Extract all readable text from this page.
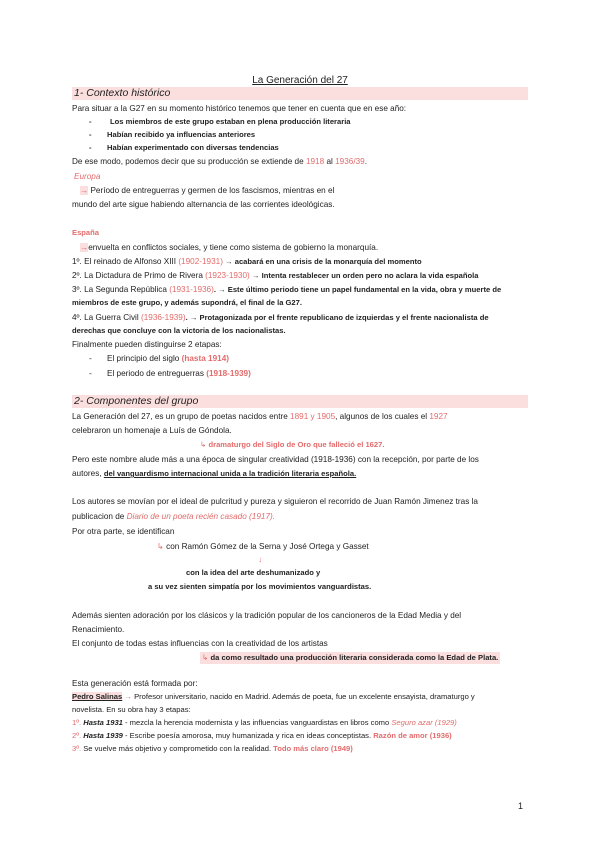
La Generación del 27
1- Contexto histórico
Para situar a la G27 en su momento histórico tenemos que tener en cuenta que en ese año:
- Los miembros de este grupo estaban en plena producción literaria
- Habían recibido ya influencias anteriores
- Habían experimentado con diversas tendencias
De ese modo, podemos decir que su producción se extiende de 1918 al 1936/39.
Europa
→ Período de entreguerras y germen de los fascismos, mientras en el
mundo del arte sigue habiendo alternancia de las corrientes ideológicas.
España
→envuelta en conflictos sociales, y tiene como sistema de gobierno la monarquía.
1º. El reinado de Alfonso XIII (1902-1931) → acabará en una crisis de la monarquía del momento
2º. La Dictadura de Primo de Rivera (1923-1930) → Intenta restablecer un orden pero no aclara la vida española
3º. La Segunda República (1931-1936). → Este último periodo tiene un papel fundamental en la vida, obra y muerte de
miembros de este grupo, y además supondrá, el final de la G27.
4º. La Guerra Civil (1936-1939). → Protagonizada por el frente republicano de izquierdas y el frente nacionalista de
derechas que concluye con la victoria de los nacionalistas.
Finalmente pueden distinguirse 2 etapas:
- El principio del siglo (hasta 1914)
- El periodo de entreguerras (1918-1939)
2- Componentes del grupo
La Generación del 27, es un grupo de poetas nacidos entre 1891 y 1905, algunos de los cuales el 1927
celebraron un homenaje a Luís de Góndola.
↳ dramaturgo del Siglo de Oro que falleció el 1627.
Pero este nombre alude más a una época de singular creatividad (1918-1936) con la recepción, por parte de los
autores, del vanguardismo internacional unida a la tradición literaria española.
Los autores se movían por el ideal de pulcritud y pureza y siguieron el recorrido de Juan Ramón Jimenez tras la
publicacion de Diario de un poeta recién casado (1917).
Por otra parte, se identifican
↳ con Ramón Gómez de la Serna y José Ortega y Gasset
↓
con la idea del arte deshumanizado y
a su vez sienten simpatía por los movimientos vanguardistas.
Además sienten adoración por los clásicos y la tradición popular de los cancioneros de la Edad Media y del
Renacimiento.
El conjunto de todas estas influencias con la creatividad de los artistas
↳ da como resultado una producción literaria considerada como la Edad de Plata.
Esta generación está formada por:
Pedro Salinas → Profesor universitario, nacido en Madrid. Además de poeta, fue un excelente ensayista, dramaturgo y
novelista. En su obra hay 3 etapas:
1º. Hasta 1931 - mezcla la herencia modernista y las influencias vanguardistas en libros como Seguro azar (1929)
2º. Hasta 1939 - Escribe poesía amorosa, muy humanizada y rica en ideas conceptistas. Razón de amor (1936)
3º. Se vuelve más objetivo y comprometido con la realidad. Todo más claro (1949)
1
